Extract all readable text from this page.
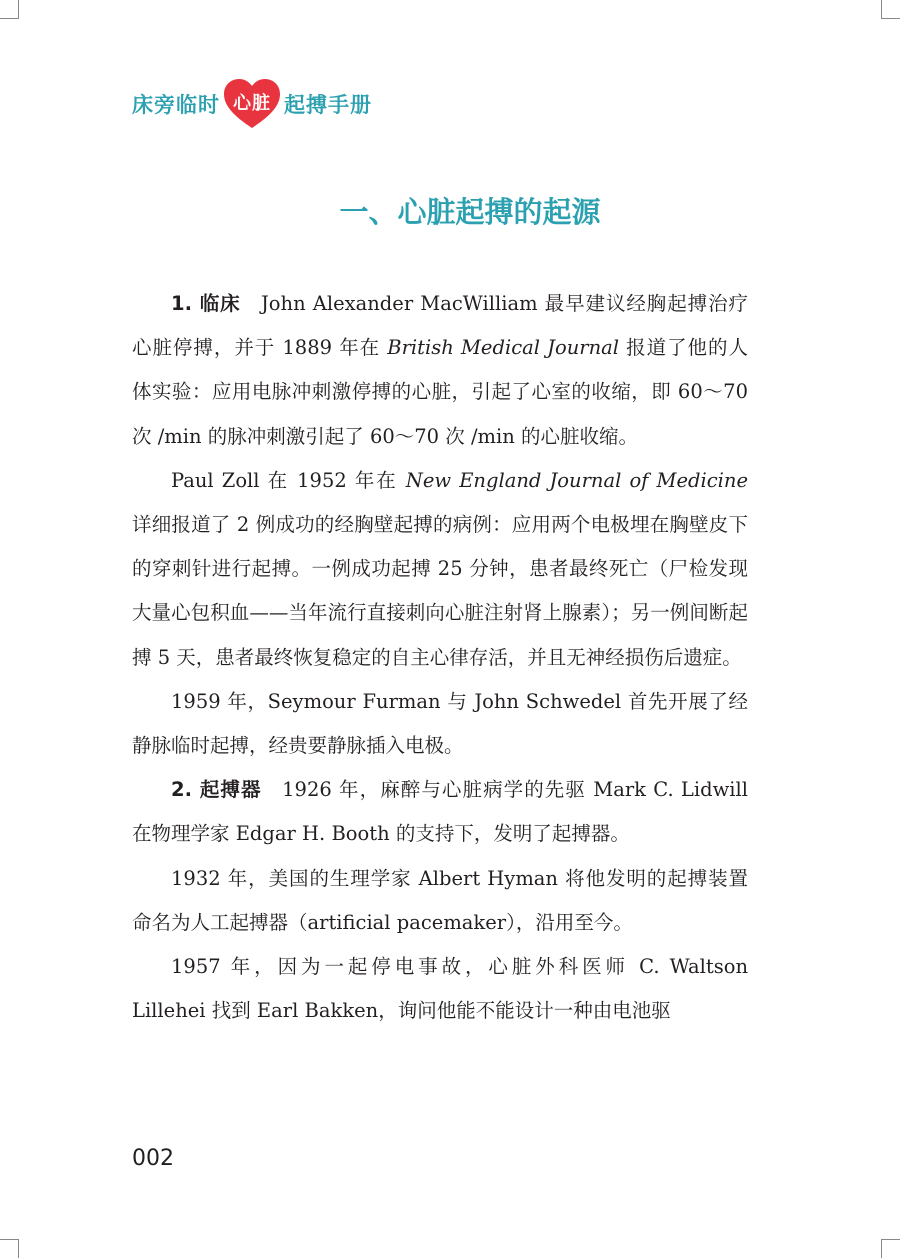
床旁临时 心脏 起搏手册
一、心脏起搏的起源

1. 临床　John Alexander MacWilliam 最早建议经胸起搏治疗心脏停搏，并于 1889 年在 British Medical Journal 报道了他的人体实验：应用电脉冲刺激停搏的心脏，引起了心室的收缩，即 60～70 次 /min 的脉冲刺激引起了 60～70 次 /min 的心脏收缩。

Paul Zoll 在 1952 年在 New England Journal of Medicine 详细报道了 2 例成功的经胸壁起搏的病例：应用两个电极埋在胸壁皮下的穿刺针进行起搏。一例成功起搏 25 分钟，患者最终死亡（尸检发现大量心包积血——当年流行直接刺向心脏注射肾上腺素）；另一例间断起搏 5 天，患者最终恢复稳定的自主心律存活，并且无神经损伤后遗症。

1959 年，Seymour Furman 与 John Schwedel 首先开展了经静脉临时起搏，经贵要静脉插入电极。

2. 起搏器　1926 年，麻醉与心脏病学的先驱 Mark C. Lidwill 在物理学家 Edgar H. Booth 的支持下，发明了起搏器。

1932 年，美国的生理学家 Albert Hyman 将他发明的起搏装置命名为人工起搏器（artificial pacemaker），沿用至今。

1957 年，因为一起停电事故，心脏外科医师 C. Waltson Lillehei 找到 Earl Bakken，询问他能不能设计一种由电池驱

002
